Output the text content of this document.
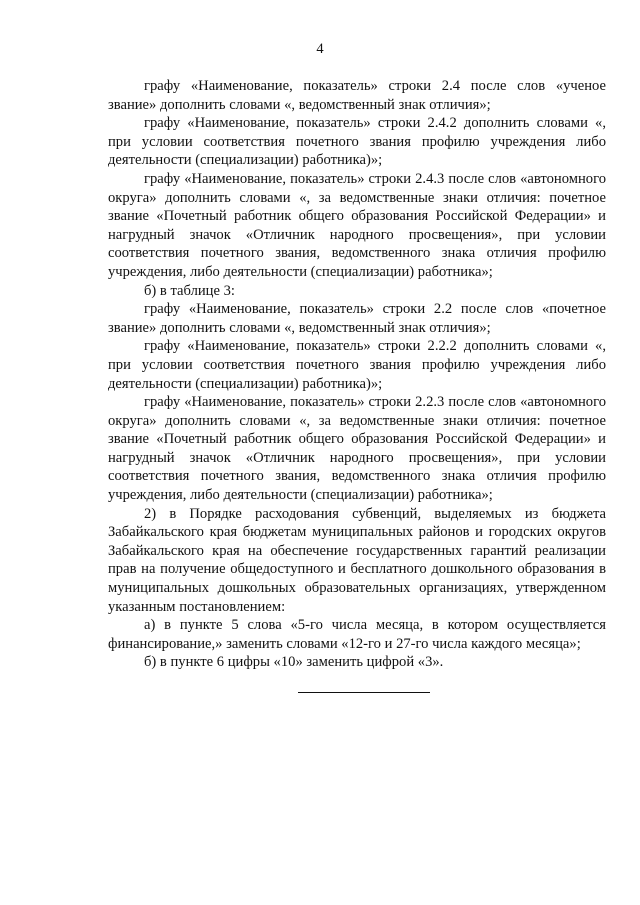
4

графу «Наименование, показатель» строки 2.4 после слов «ученое звание» дополнить словами «, ведомственный знак отличия»;

графу «Наименование, показатель» строки 2.4.2 дополнить словами «, при условии соответствия почетного звания профилю учреждения либо деятельности (специализации) работника)»;

графу «Наименование, показатель» строки 2.4.3 после слов «автономного округа» дополнить словами «, за ведомственные знаки отличия: почетное звание «Почетный работник общего образования Российской Федерации» и нагрудный значок «Отличник народного просвещения», при условии соответствия почетного звания, ведомственного знака отличия профилю учреждения, либо деятельности (специализации) работника»;

б) в таблице 3:

графу «Наименование, показатель» строки 2.2 после слов «почетное звание» дополнить словами «, ведомственный знак отличия»;

графу «Наименование, показатель» строки 2.2.2 дополнить словами «, при условии соответствия почетного звания профилю учреждения либо деятельности (специализации) работника)»;

графу «Наименование, показатель» строки 2.2.3 после слов «автономного округа» дополнить словами «, за ведомственные знаки отличия: почетное звание «Почетный работник общего образования Российской Федерации» и нагрудный значок «Отличник народного просвещения», при условии соответствия почетного звания, ведомственного знака отличия профилю учреждения, либо деятельности (специализации) работника»;

2) в Порядке расходования субвенций, выделяемых из бюджета Забайкальского края бюджетам муниципальных районов и городских округов Забайкальского края на обеспечение государственных гарантий реализации прав на получение общедоступного и бесплатного дошкольного образования в муниципальных дошкольных образовательных организациях, утвержденном указанным постановлением:

а) в пункте 5 слова «5-го числа месяца, в котором осуществляется финансирование,» заменить словами «12-го и 27-го числа каждого месяца»;

б) в пункте 6 цифры «10» заменить цифрой «3».
